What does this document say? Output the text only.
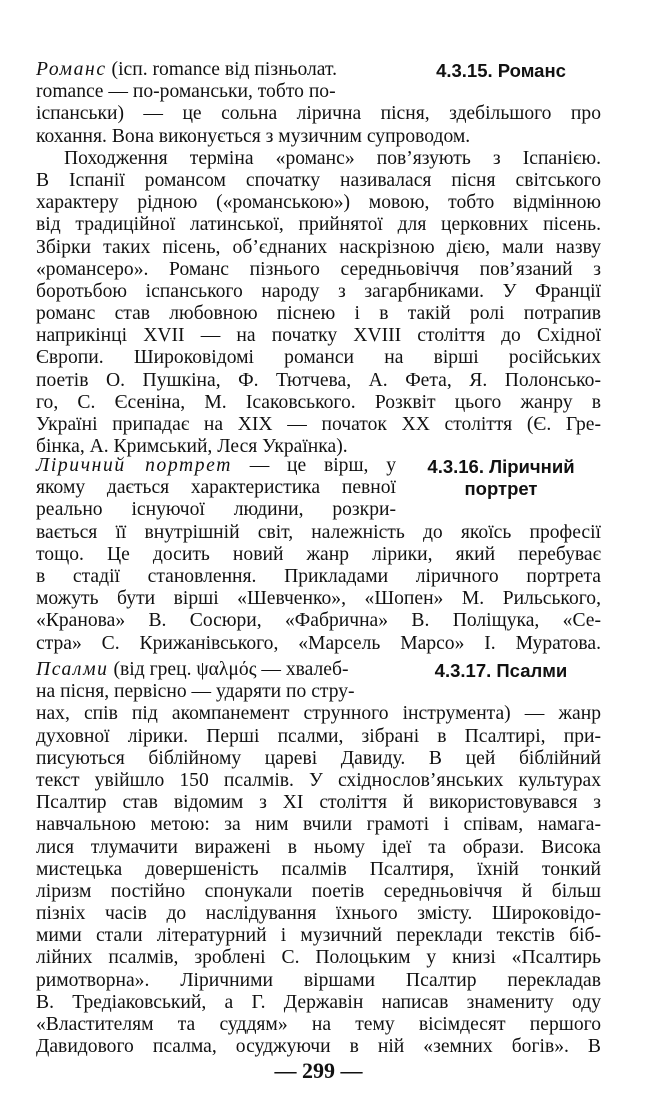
4.3.15. Романс
Романс (ісп. romance від пізньолат.
romance — по-романськи, тобто по-
іспанськи) — це сольна лірична пісня, здебільшого про
кохання. Вона виконується з музичним супроводом.
Походження терміна «романс» пов’язують з Іспанією.
В Іспанії романсом спочатку називалася пісня світського
характеру рідною («романською») мовою, тобто відмінною
від традиційної латинської, прийнятої для церковних пісень.
Збірки таких пісень, об’єднаних наскрізною дією, мали назву
«романсеро». Романс пізнього середньовіччя пов’язаний з
боротьбою іспанського народу з загарбниками. У Франції
романс став любовною піснею і в такій ролі потрапив
наприкінці XVII — на початку XVIII століття до Східної
Європи. Широковідомі романси на вірші російських
поетів О. Пушкіна, Ф. Тютчева, А. Фета, Я. Полонсько-
го, С. Єсеніна, М. Ісаковського. Розквіт цього жанру в
Україні припадає на XIX — початок XX століття (Є. Гре-
бінка, А. Кримський, Леся Українка).
4.3.16. Ліричний
портрет
Ліричний портрет — це вірш, у
якому дається характеристика певної
реально існуючої людини, розкри-
вається її внутрішній світ, належність до якоїсь професії
тощо. Це досить новий жанр лірики, який перебуває
в стадії становлення. Прикладами ліричного портрета
можуть бути вірші «Шевченко», «Шопен» М. Рильського,
«Кранова» В. Сосюри, «Фабрична» В. Поліщука, «Се-
стра» С. Крижанівського, «Марсель Марсо» І. Муратова.
4.3.17. Псалми
Псалми (від грец. ψαλμός — хвалеб-
на пісня, первісно — ударяти по стру-
нах, спів під акомпанемент струнного інструмента) — жанр
духовної лірики. Перші псалми, зібрані в Псалтирі, при-
писуються біблійному цареві Давиду. В цей біблійний
текст увійшло 150 псалмів. У східнослов’янських культурах
Псалтир став відомим з XI століття й використовувався з
навчальною метою: за ним вчили грамоті і співам, намага-
лися тлумачити вираженi в ньому ідеї та образи. Висока
мистецька довершеність псалмів Псалтиря, їхній тонкий
ліризм постійно спонукали поетів середньовіччя й більш
пізніх часів до наслідування їхнього змісту. Широковідо-
мими стали літературний і музичний переклади текстів біб-
лійних псалмів, зроблені С. Полоцьким у книзі «Псалтирь
римотворна». Ліричними віршами Псалтир перекладав
В. Тредіаковський, а Г. Державін написав знамениту оду
«Властителям та суддям» на тему вісімдесят першого
Давидового псалма, осуджуючи в ній «земних богів». В
— 299 —
